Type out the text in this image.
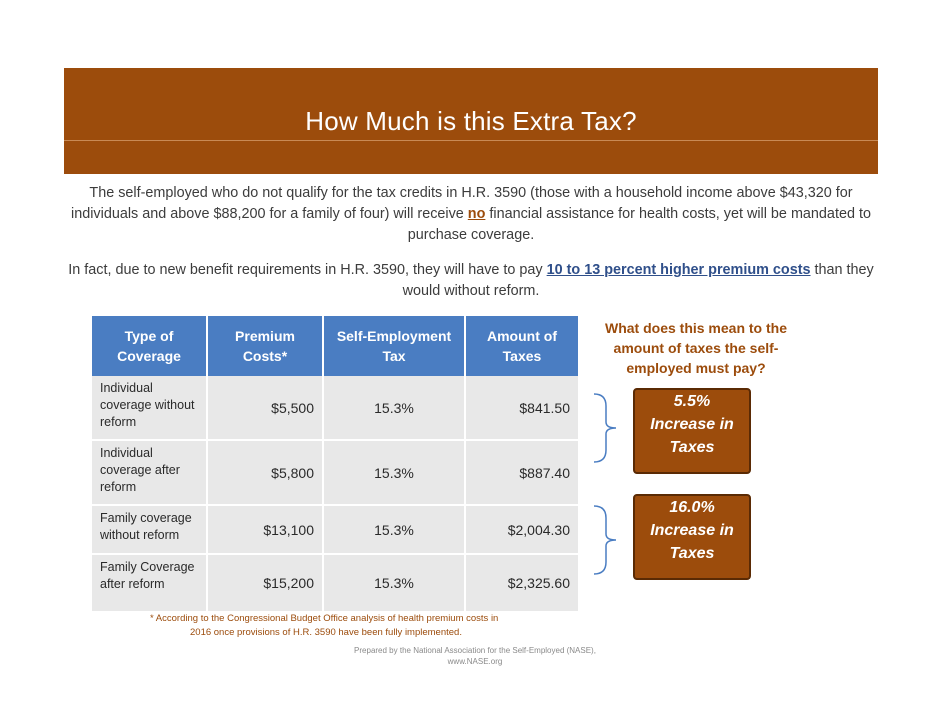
How Much is this Extra Tax?
The self-employed who do not qualify for the tax credits in H.R. 3590 (those with a household income above $43,320 for individuals and above $88,200 for a family of four) will receive no financial assistance for health costs, yet will be mandated to purchase coverage.
In fact, due to new benefit requirements in H.R. 3590, they will have to pay 10 to 13 percent higher premium costs than they would without reform.
Type of Coverage	Premium Costs*	Self-Employment Tax	Amount of Taxes
Individual coverage without reform	$5,500	15.3%	$841.50
Individual coverage after reform	$5,800	15.3%	$887.40
Family coverage without reform	$13,100	15.3%	$2,004.30
Family Coverage after reform	$15,200	15.3%	$2,325.60
What does this mean to the amount of taxes the self-employed must pay?
5.5%
Increase in
Taxes
16.0%
Increase in
Taxes
* According to the Congressional Budget Office analysis of health premium costs in
2016 once provisions of H.R. 3590 have been fully implemented.
Prepared by the National Association for the Self-Employed (NASE),
www.NASE.org
